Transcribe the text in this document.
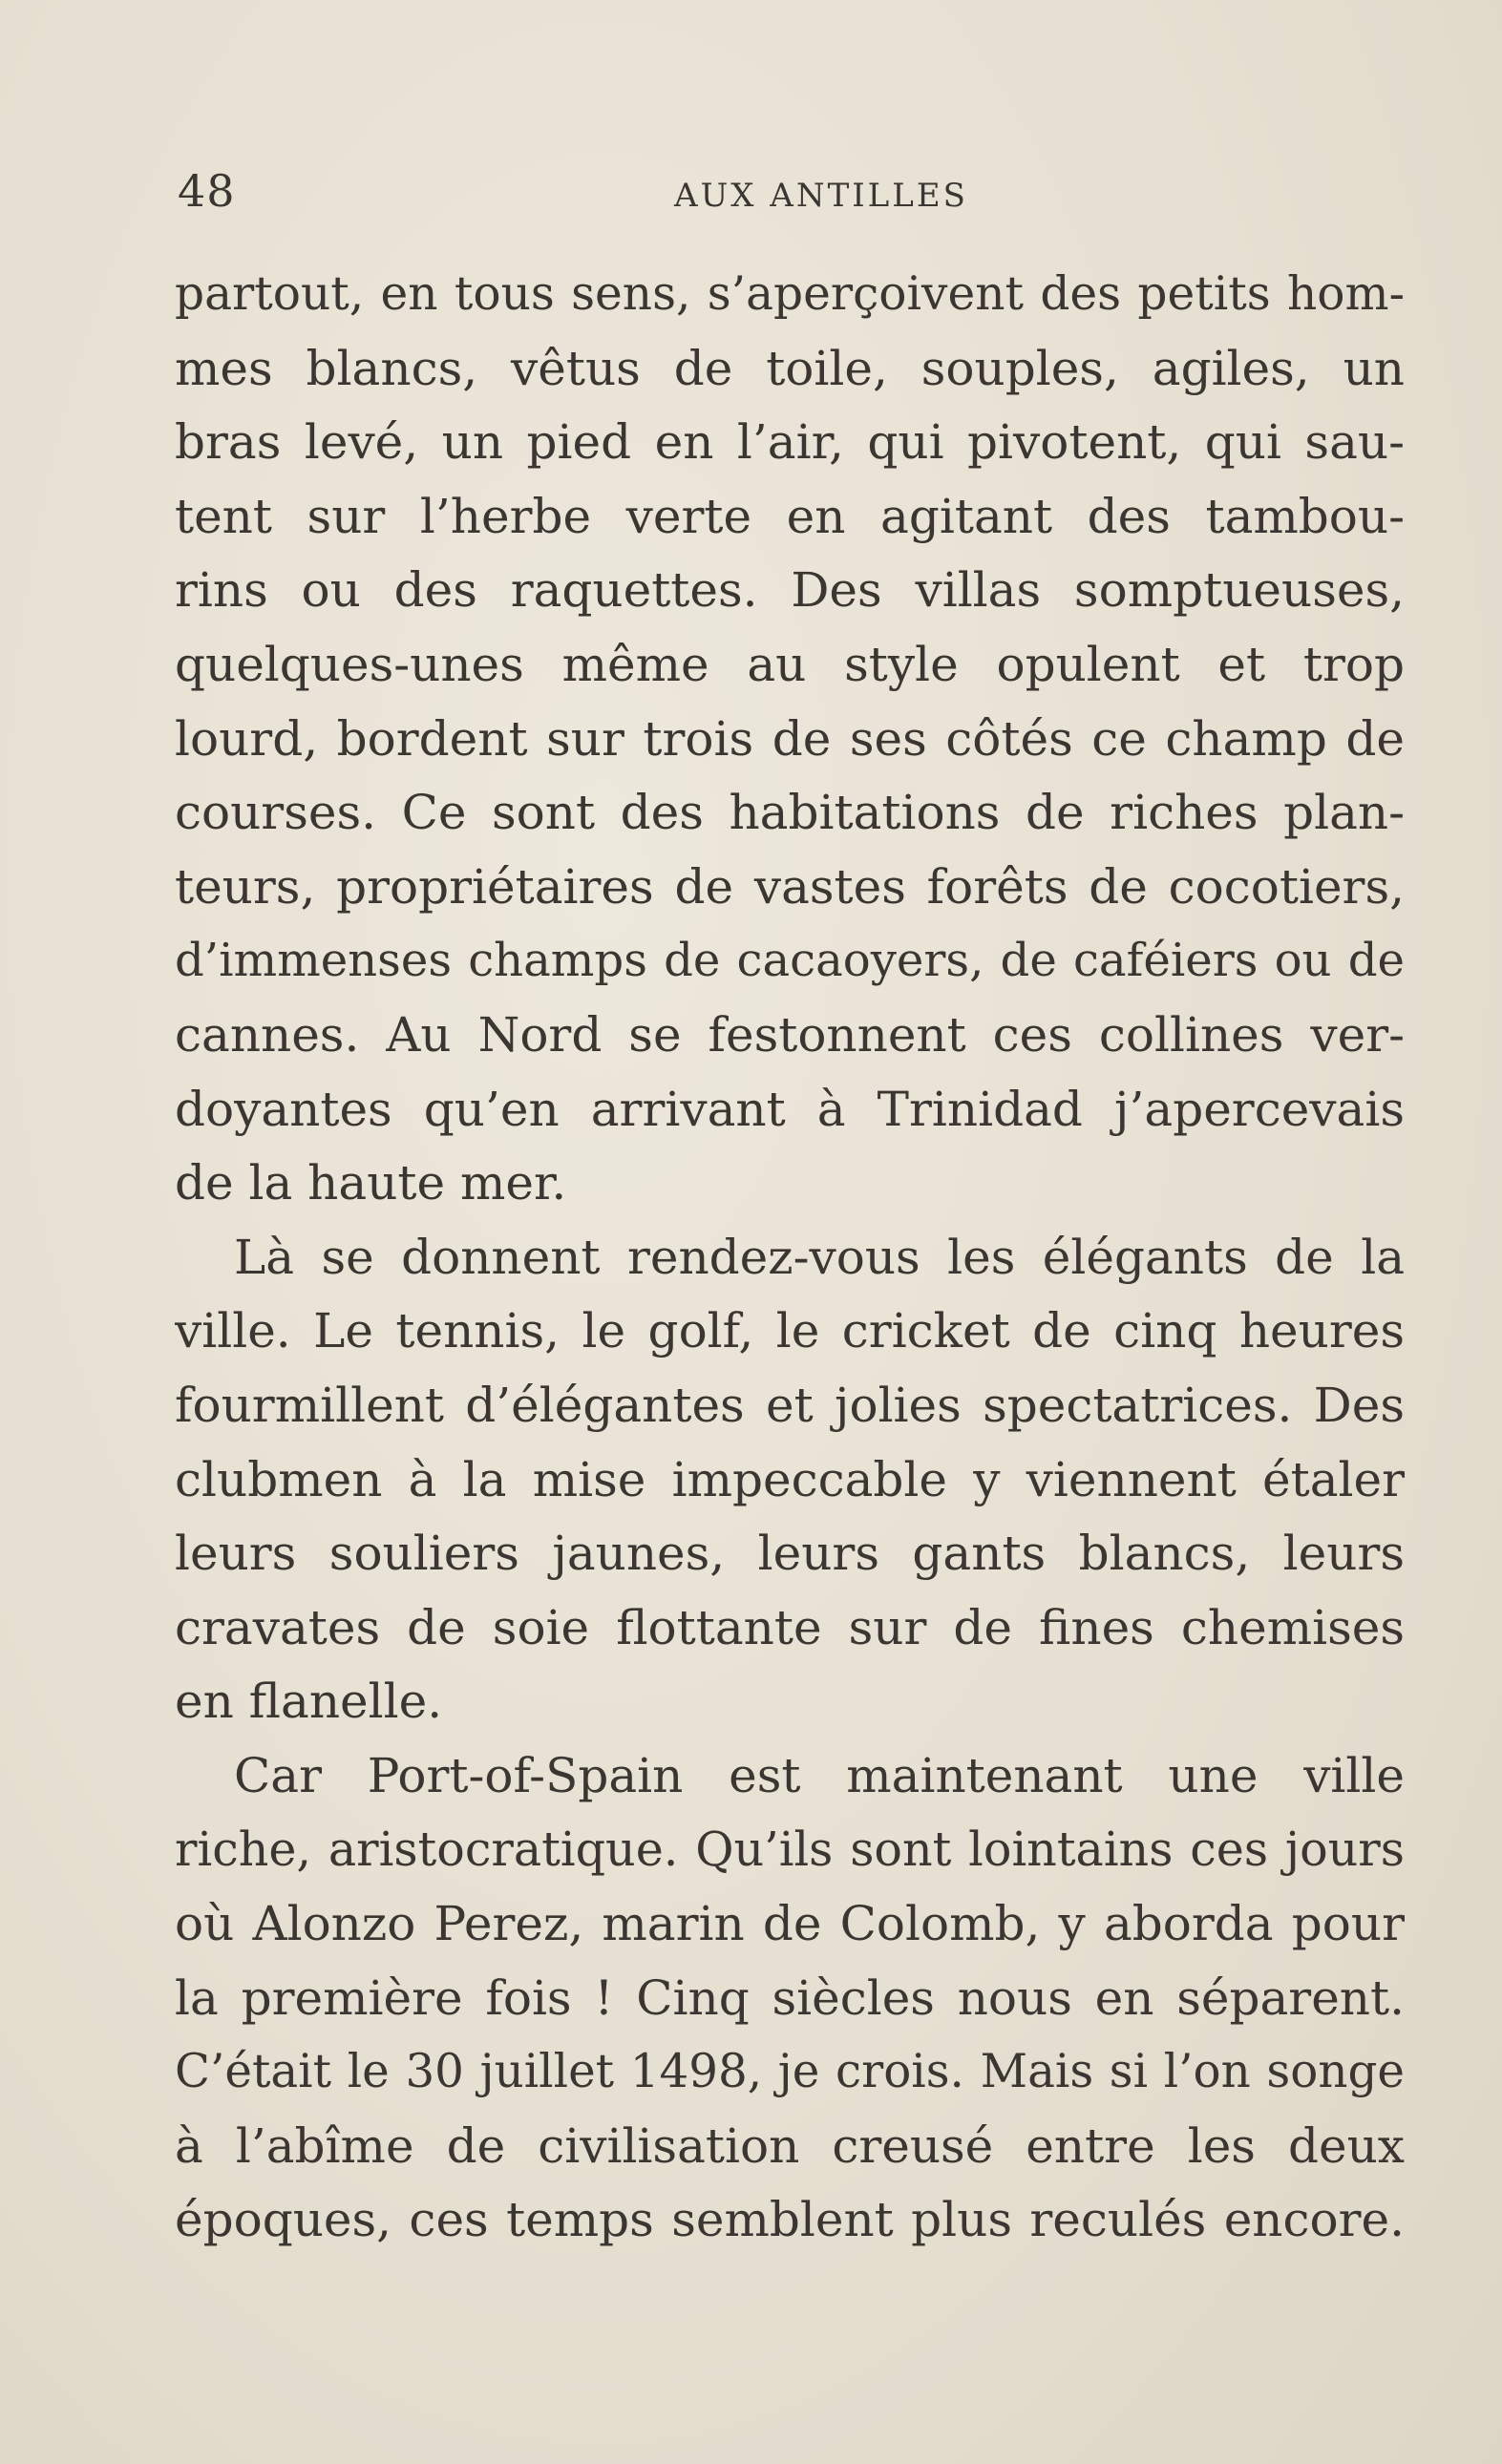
48	AUX ANTILLES
partout, en tous sens, s’aperçoivent des petits hom-
mes blancs, vêtus de toile, souples, agiles, un
bras levé, un pied en l’air, qui pivotent, qui sau-
tent sur l’herbe verte en agitant des tambou-
rins ou des raquettes. Des villas somptueuses,
quelques-unes même au style opulent et trop
lourd, bordent sur trois de ses côtés ce champ de
courses. Ce sont des habitations de riches plan-
teurs, propriétaires de vastes forêts de cocotiers,
d’immenses champs de cacaoyers, de caféiers ou de
cannes. Au Nord se festonnent ces collines ver-
doyantes qu’en arrivant à Trinidad j’apercevais
de la haute mer.
Là se donnent rendez-vous les élégants de la
ville. Le tennis, le golf, le cricket de cinq heures
fourmillent d’élégantes et jolies spectatrices. Des
clubmen à la mise impeccable y viennent étaler
leurs souliers jaunes, leurs gants blancs, leurs
cravates de soie flottante sur de fines chemises
en flanelle.
Car Port-of-Spain est maintenant une ville
riche, aristocratique. Qu’ils sont lointains ces jours
où Alonzo Perez, marin de Colomb, y aborda pour
la première fois ! Cinq siècles nous en séparent.
C’était le 30 juillet 1498, je crois. Mais si l’on songe
à l’abîme de civilisation creusé entre les deux
époques, ces temps semblent plus reculés encore.
